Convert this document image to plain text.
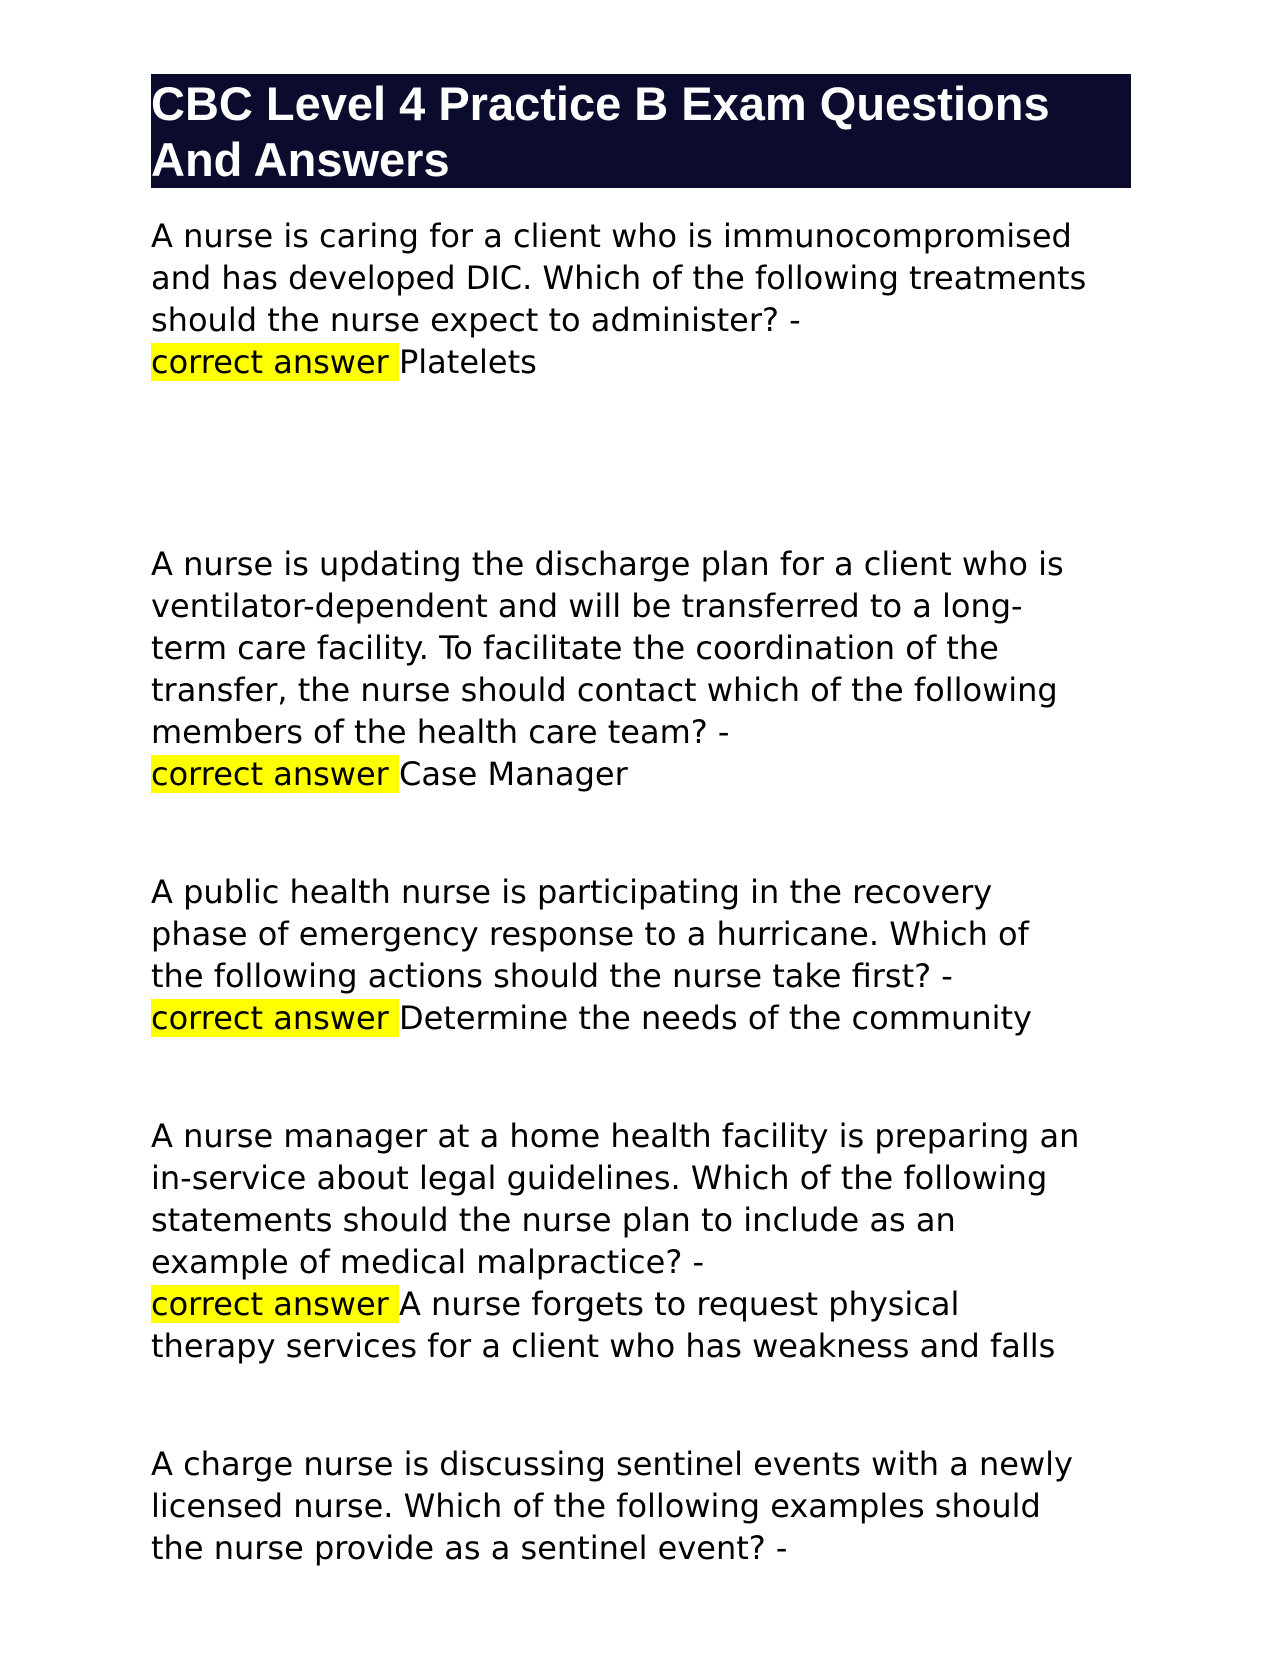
CBC Level 4 Practice B Exam Questions
And Answers
A nurse is caring for a client who is immunocompromised
and has developed DIC. Which of the following treatments
should the nurse expect to administer? -
correct answer Platelets
A nurse is updating the discharge plan for a client who is
ventilator-dependent and will be transferred to a long-
term care facility. To facilitate the coordination of the
transfer, the nurse should contact which of the following
members of the health care team? -
correct answer Case Manager
A public health nurse is participating in the recovery
phase of emergency response to a hurricane. Which of
the following actions should the nurse take first? -
correct answer Determine the needs of the community
A nurse manager at a home health facility is preparing an
in-service about legal guidelines. Which of the following
statements should the nurse plan to include as an
example of medical malpractice? -
correct answer A nurse forgets to request physical
therapy services for a client who has weakness and falls
A charge nurse is discussing sentinel events with a newly
licensed nurse. Which of the following examples should
the nurse provide as a sentinel event? -
